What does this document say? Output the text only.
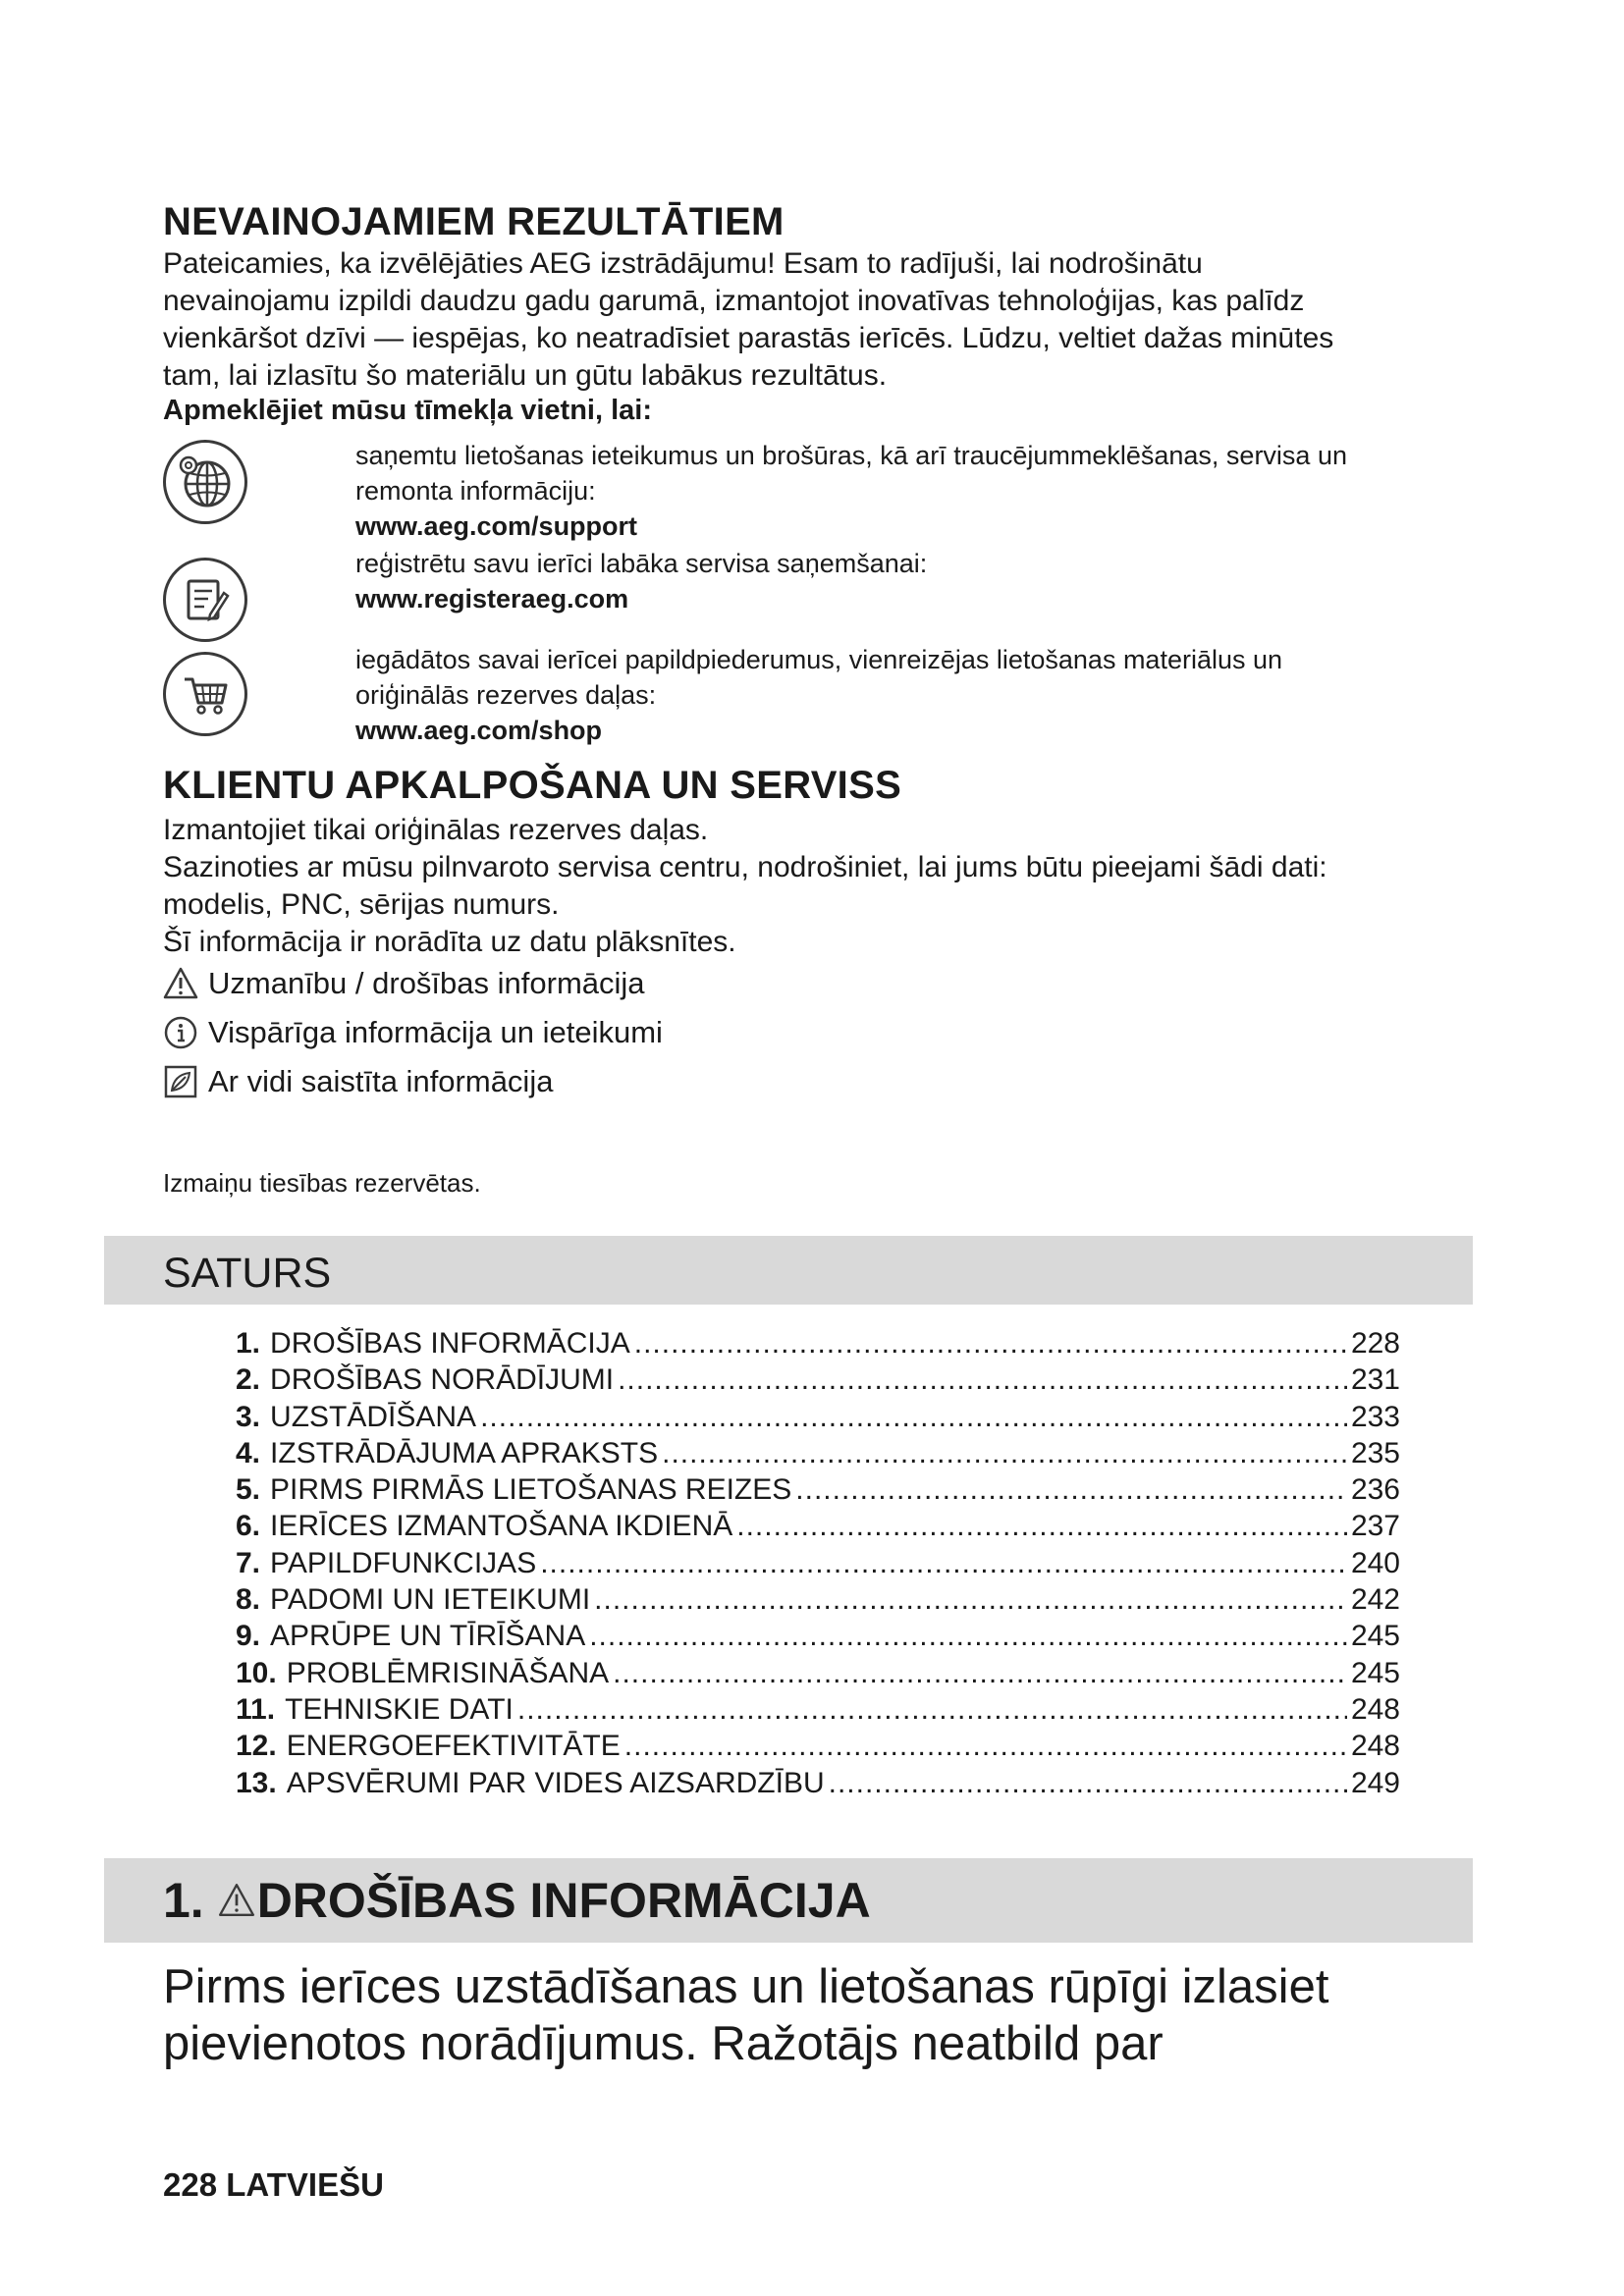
NEVAINOJAMIEM REZULTĀTIEM
Pateicamies, ka izvēlējāties AEG izstrādājumu! Esam to radījuši, lai nodrošinātu
nevainojamu izpildi daudzu gadu garumā, izmantojot inovatīvas tehnoloģijas, kas palīdz
vienkāršot dzīvi — iespējas, ko neatradīsiet parastās ierīcēs. Lūdzu, veltiet dažas minūtes
tam, lai izlasītu šo materiālu un gūtu labākus rezultātus.
Apmeklējiet mūsu tīmekļa vietni, lai:
saņemtu lietošanas ieteikumus un brošūras, kā arī traucējummeklēšanas, servisa un
remonta informāciju:
www.aeg.com/support
reģistrētu savu ierīci labāka servisa saņemšanai:
www.registeraeg.com
iegādātos savai ierīcei papildpiederumus, vienreizējas lietošanas materiālus un
oriģinālās rezerves daļas:
www.aeg.com/shop
KLIENTU APKALPOŠANA UN SERVISS
Izmantojiet tikai oriģinālas rezerves daļas.
Sazinoties ar mūsu pilnvaroto servisa centru, nodrošiniet, lai jums būtu pieejami šādi dati:
modelis, PNC, sērijas numurs.
Šī informācija ir norādīta uz datu plāksnītes.
Uzmanību / drošības informācija
Vispārīga informācija un ieteikumi
Ar vidi saistīta informācija
Izmaiņu tiesības rezervētas.
SATURS
1. DROŠĪBAS INFORMĀCIJA .....	228
2. DROŠĪBAS NORĀDĪJUMI .....	231
3. UZSTĀDĪŠANA .....	233
4. IZSTRĀDĀJUMA APRAKSTS .....	235
5. PIRMS PIRMĀS LIETOŠANAS REIZES .....	236
6. IERĪCES IZMANTOŠANA IKDIENĀ .....	237
7. PAPILDFUNKCIJAS .....	240
8. PADOMI UN IETEIKUMI .....	242
9. APRŪPE UN TĪRĪŠANA .....	245
10. PROBLĒMRISINĀŠANA .....	245
11. TEHNISKIE DATI .....	248
12. ENERGOEFEKTIVITĀTE .....	248
13. APSVĒRUMI PAR VIDES AIZSARDZĪBU .....	249
1. DROŠĪBAS INFORMĀCIJA
Pirms ierīces uzstādīšanas un lietošanas rūpīgi izlasiet
pievienotos norādījumus. Ražotājs neatbild par
228 LATVIEŠU
